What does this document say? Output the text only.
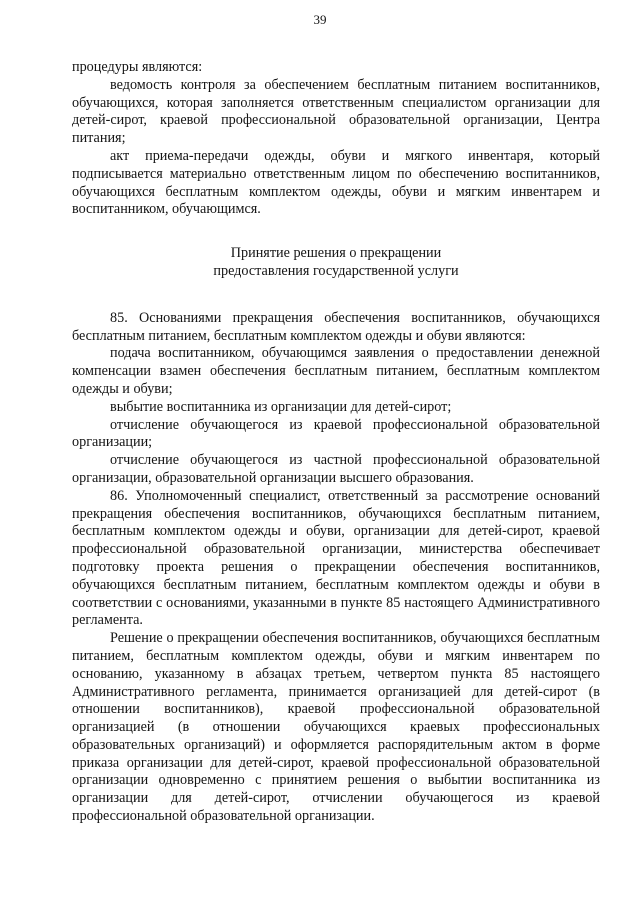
39

процедуры являются:

ведомость контроля за обеспечением бесплатным питанием воспитанников, обучающихся, которая заполняется ответственным специалистом организации для детей-сирот, краевой профессиональной образовательной организации, Центра питания;

акт приема-передачи одежды, обуви и мягкого инвентаря, который подписывается материально ответственным лицом по обеспечению воспитанников, обучающихся бесплатным комплектом одежды, обуви и мягким инвентарем и воспитанником, обучающимся.

Принятие решения о прекращении
предоставления государственной услуги

85. Основаниями прекращения обеспечения воспитанников, обучающихся бесплатным питанием, бесплатным комплектом одежды и обуви являются:

подача воспитанником, обучающимся заявления о предоставлении денежной компенсации взамен обеспечения бесплатным питанием, бесплатным комплектом одежды и обуви;

выбытие воспитанника из организации для детей-сирот;

отчисление обучающегося из краевой профессиональной образовательной организации;

отчисление обучающегося из частной профессиональной образовательной организации, образовательной организации высшего образования.

86. Уполномоченный специалист, ответственный за рассмотрение оснований прекращения обеспечения воспитанников, обучающихся бесплатным питанием, бесплатным комплектом одежды и обуви, организации для детей-сирот, краевой профессиональной образовательной организации, министерства обеспечивает подготовку проекта решения о прекращении обеспечения воспитанников, обучающихся бесплатным питанием, бесплатным комплектом одежды и обуви в соответствии с основаниями, указанными в пункте 85 настоящего Административного регламента.

Решение о прекращении обеспечения воспитанников, обучающихся бесплатным питанием, бесплатным комплектом одежды, обуви и мягким инвентарем по основанию, указанному в абзацах третьем, четвертом пункта 85 настоящего Административного регламента, принимается организацией для детей-сирот (в отношении воспитанников), краевой профессиональной образовательной организацией (в отношении обучающихся краевых профессиональных образовательных организаций) и оформляется распорядительным актом в форме приказа организации для детей-сирот, краевой профессиональной образовательной организации одновременно с принятием решения о выбытии воспитанника из организации для детей-сирот, отчислении обучающегося из краевой профессиональной образовательной организации.
